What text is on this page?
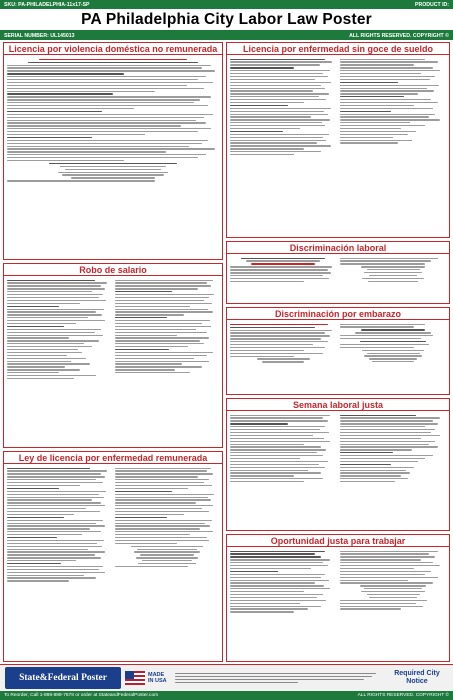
SKU: PA-PHILADELPHIA-11x17-SP	PRODUCT ID:
PA Philadelphia City Labor Law Poster
SERIAL NUMBER: UL145013	ALL RIGHTS RESERVED. COPYRIGHT ©
Licencia por violencia doméstica no remunerada	Licencia por enfermedad sin goce de sueldo
Discriminación laboral
Robo de salario
Discriminación por embarazo
Semana laboral justa
Ley de licencia por enfermedad remunerada
Oportunidad justa para trabajar
State&Federal Poster	MADE IN USA
Required City Notice
To Reorder, Call 1-888-889-7678 or order at StateandFederalPoster.com	ALL RIGHTS RESERVED. COPYRIGHT ©
